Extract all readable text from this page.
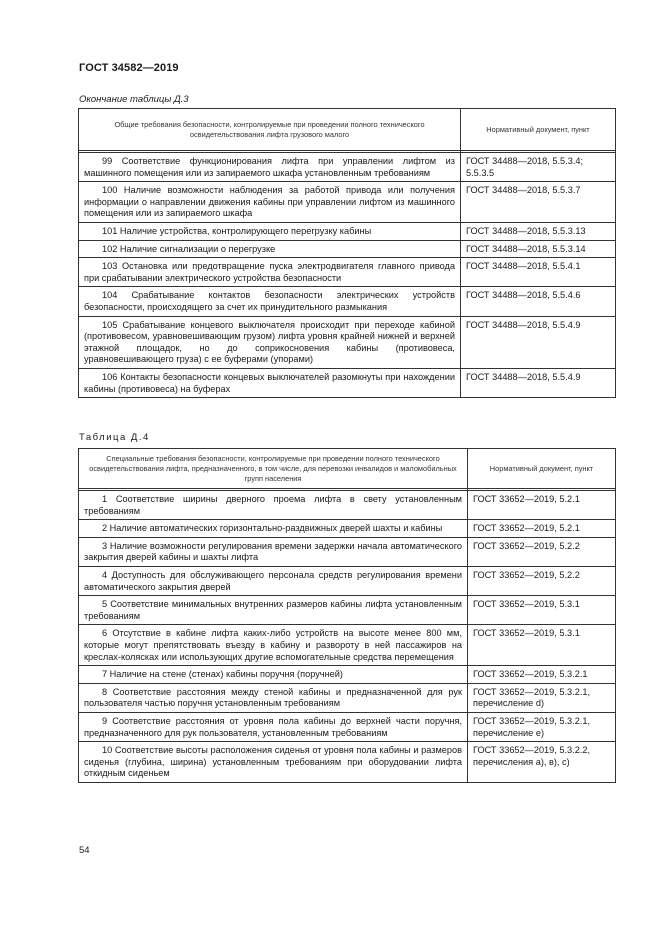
ГОСТ 34582—2019
Окончание таблицы Д.3
Общие требования безопасности, контролируемые при проведении полного технического освидетельствования лифта грузового малого	Нормативный документ, пункт

99 Соответствие функционирования лифта при управлении лифтом из машинного помещения или из запираемого шкафа установленным требованиям	ГОСТ 34488—2018, 5.5.3.4; 5.5.3.5
100 Наличие возможности наблюдения за работой привода или получения информации о направлении движения кабины при управлении лифтом из машинного помещения или из запираемого шкафа	ГОСТ 34488—2018, 5.5.3.7
101 Наличие устройства, контролирующего перегрузку кабины	ГОСТ 34488—2018, 5.5.3.13
102 Наличие сигнализации о перегрузке	ГОСТ 34488—2018, 5.5.3.14
103 Остановка или предотвращение пуска электродвигателя главного привода при срабатывании электрического устройства безопасности	ГОСТ 34488—2018, 5.5.4.1
104 Срабатывание контактов безопасности электрических устройств безопасности, происходящего за счет их принудительного размыкания	ГОСТ 34488—2018, 5.5.4.6
105 Срабатывание концевого выключателя происходит при переходе кабиной (противовесом, уравновешивающим грузом) лифта уровня крайней нижней и верхней этажной площадок, но до соприкосновения кабины (противовеса, уравновешивающего груза) с ее буферами (упорами)	ГОСТ 34488—2018, 5.5.4.9
106 Контакты безопасности концевых выключателей разомкнуты при нахождении кабины (противовеса) на буферах	ГОСТ 34488—2018, 5.5.4.9
Таблица Д.4
Специальные требования безопасности, контролируемые при проведении полного технического освидетельствования лифта, предназначенного, в том числе, для перевозки инвалидов и маломобильных групп населения	Нормативный документ, пункт

1 Соответствие ширины дверного проема лифта в свету установленным требованиям	ГОСТ 33652—2019, 5.2.1
2 Наличие автоматических горизонтально-раздвижных дверей шахты и кабины	ГОСТ 33652—2019, 5.2.1
3 Наличие возможности регулирования времени задержки начала автоматического закрытия дверей кабины и шахты лифта	ГОСТ 33652—2019, 5.2.2
4 Доступность для обслуживающего персонала средств регулирования времени автоматического закрытия дверей	ГОСТ 33652—2019, 5.2.2
5 Соответствие минимальных внутренних размеров кабины лифта установленным требованиям	ГОСТ 33652—2019, 5.3.1
6 Отсутствие в кабине лифта каких-либо устройств на высоте менее 800 мм, которые могут препятствовать въезду в кабину и развороту в ней пассажиров на креслах-колясках или использующих другие вспомогательные средства перемещения	ГОСТ 33652—2019, 5.3.1
7 Наличие на стене (стенах) кабины поручня (поручней)	ГОСТ 33652—2019, 5.3.2.1
8 Соответствие расстояния между стеной кабины и предназначенной для рук пользователя частью поручня установленным требованиям	ГОСТ 33652—2019, 5.3.2.1, перечисление d)
9 Соответствие расстояния от уровня пола кабины до верхней части поручня, предназначенного для рук пользователя, установленным требованиям	ГОСТ 33652—2019, 5.3.2.1, перечисление e)
10 Соответствие высоты расположения сиденья от уровня пола кабины и размеров сиденья (глубина, ширина) установленным требованиям при оборудовании лифта откидным сиденьем	ГОСТ 33652—2019, 5.3.2.2, перечисления a), в), c)
54
